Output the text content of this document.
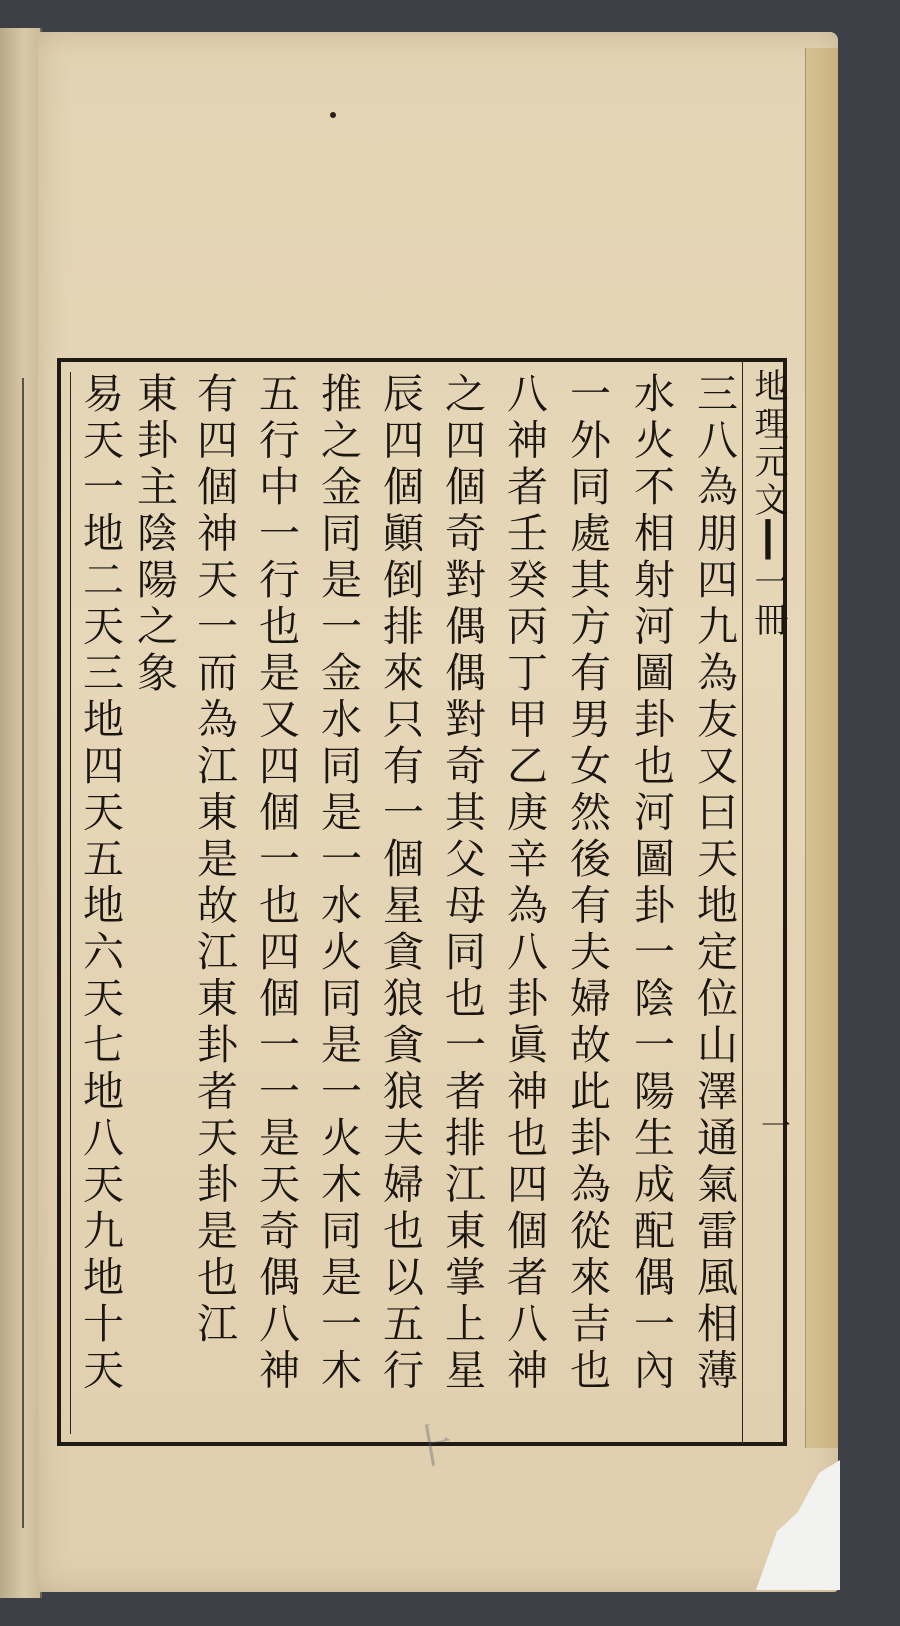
地理元文┃一冊
一
三八為朋四九為友又曰天地定位山澤通氣雷風相薄
水火不相射河圖卦也河圖卦一陰一陽生成配偶一內
一外同處其方有男女然後有夫婦故此卦為從來吉也
八神者壬癸丙丁甲乙庚辛為八卦眞神也四個者八神
之四個奇對偶偶對奇其父母同也一者排江東掌上星
辰四個顚倒排來只有一個星貪狼貪狼夫婦也以五行
推之金同是一金水同是一水火同是一火木同是一木
五行中一行也是又四個一也四個一一是天奇偶八神
有四個神天一而為江東是故江東卦者天卦是也江
東卦主陰陽之象
易天一地二天三地四天五地六天七地八天九地十天
⺊
